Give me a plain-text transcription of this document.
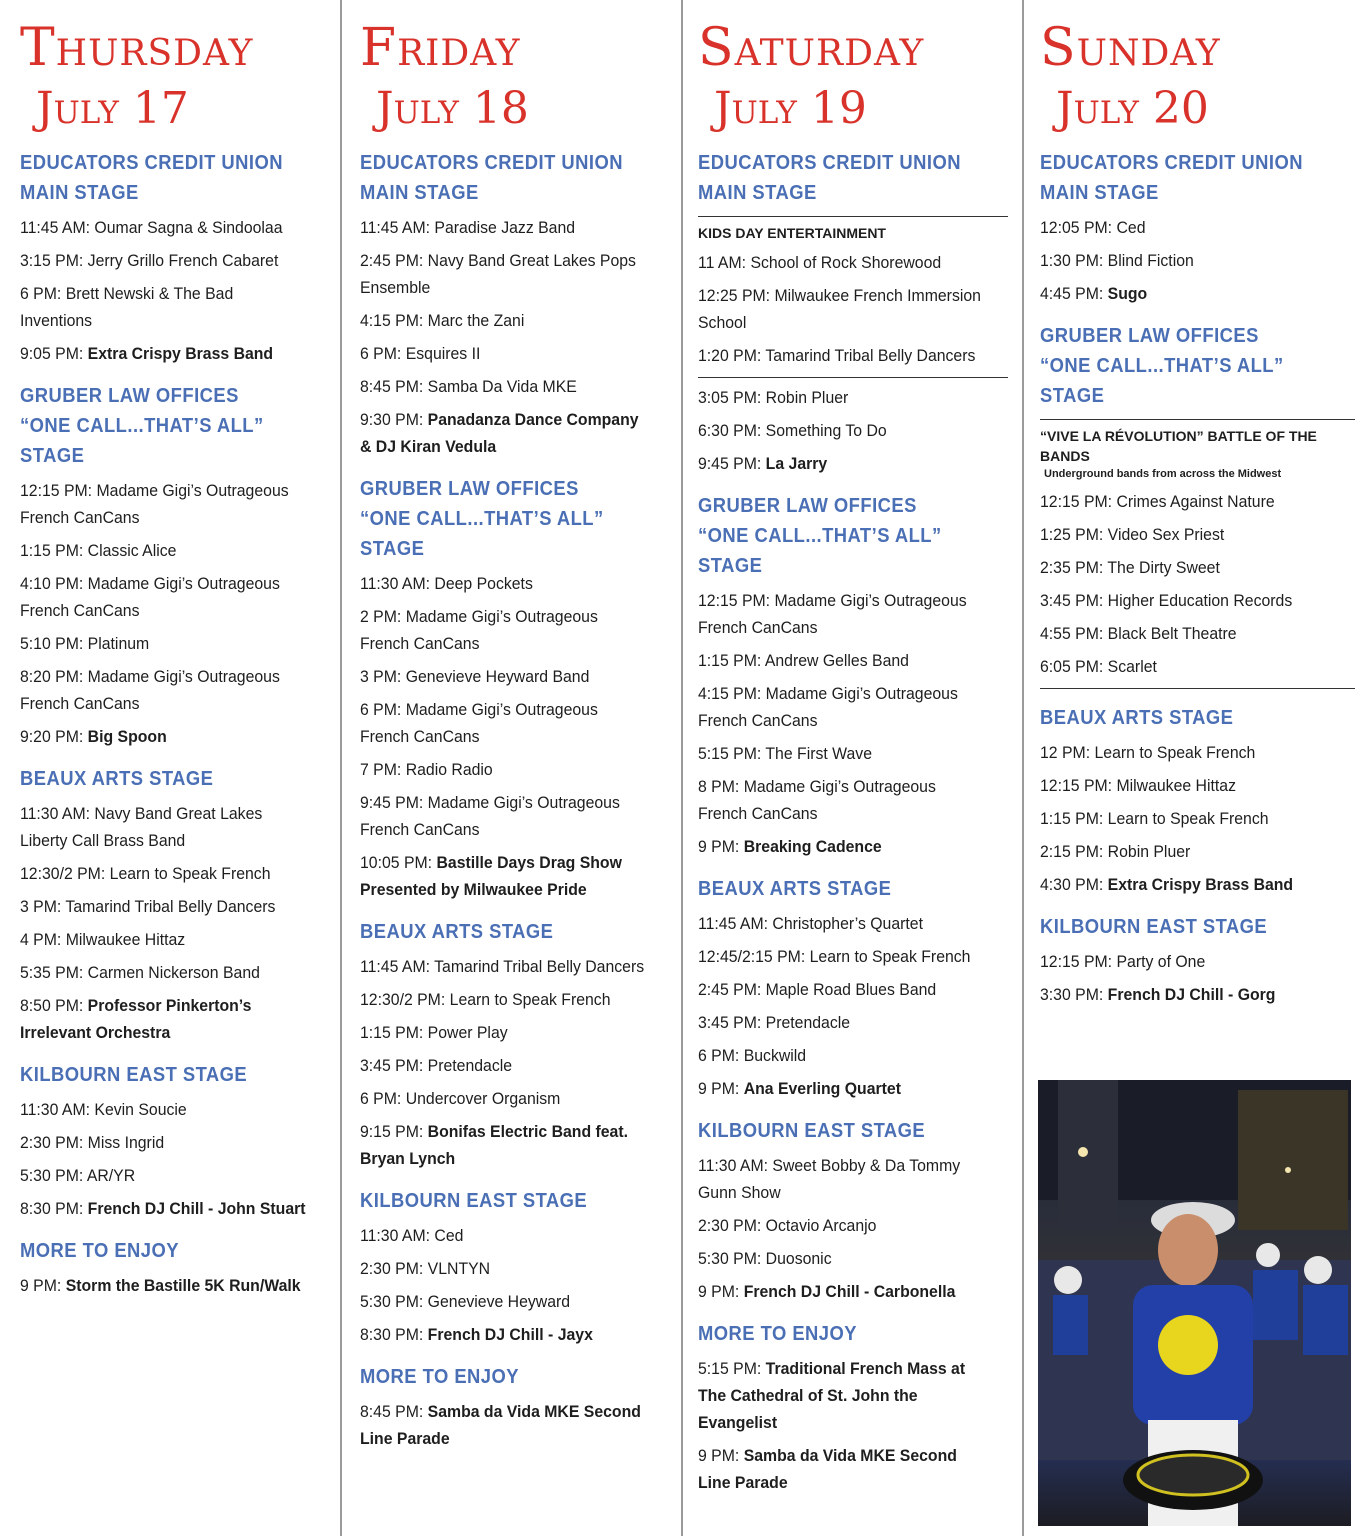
Thursday
July 17
EDUCATORS CREDIT UNION
MAIN STAGE
11:45 AM: Oumar Sagna & Sindoolaa
3:15 PM: Jerry Grillo French Cabaret
6 PM: Brett Newski & The Bad Inventions
9:05 PM: Extra Crispy Brass Band
GRUBER LAW OFFICES
“ONE CALL...THAT’S ALL” STAGE
12:15 PM: Madame Gigi’s Outrageous French CanCans
1:15 PM: Classic Alice
4:10 PM: Madame Gigi’s Outrageous French CanCans
5:10 PM: Platinum
8:20 PM: Madame Gigi’s Outrageous French CanCans
9:20 PM: Big Spoon
BEAUX ARTS STAGE
11:30 AM: Navy Band Great Lakes Liberty Call Brass Band
12:30/2 PM: Learn to Speak French
3 PM: Tamarind Tribal Belly Dancers
4 PM: Milwaukee Hittaz
5:35 PM: Carmen Nickerson Band
8:50 PM: Professor Pinkerton’s Irrelevant Orchestra
KILBOURN EAST STAGE
11:30 AM: Kevin Soucie
2:30 PM: Miss Ingrid
5:30 PM: AR/YR
8:30 PM: French DJ Chill - John Stuart
MORE TO ENJOY
9 PM: Storm the Bastille 5K Run/Walk
Friday
July 18
EDUCATORS CREDIT UNION
MAIN STAGE
11:45 AM: Paradise Jazz Band
2:45 PM: Navy Band Great Lakes Pops Ensemble
4:15 PM: Marc the Zani
6 PM: Esquires II
8:45 PM: Samba Da Vida MKE
9:30 PM: Panadanza Dance Company & DJ Kiran Vedula
GRUBER LAW OFFICES
“ONE CALL...THAT’S ALL” STAGE
11:30 AM: Deep Pockets
2 PM: Madame Gigi’s Outrageous French CanCans
3 PM: Genevieve Heyward Band
6 PM: Madame Gigi’s Outrageous French CanCans
7 PM: Radio Radio
9:45 PM: Madame Gigi’s Outrageous French CanCans
10:05 PM: Bastille Days Drag Show Presented by Milwaukee Pride
BEAUX ARTS STAGE
11:45 AM: Tamarind Tribal Belly Dancers
12:30/2 PM: Learn to Speak French
1:15 PM: Power Play
3:45 PM: Pretendacle
6 PM: Undercover Organism
9:15 PM: Bonifas Electric Band feat. Bryan Lynch
KILBOURN EAST STAGE
11:30 AM: Ced
2:30 PM: VLNTYN
5:30 PM: Genevieve Heyward
8:30 PM: French DJ Chill - Jayx
MORE TO ENJOY
8:45 PM: Samba da Vida MKE Second Line Parade
Saturday
July 19
EDUCATORS CREDIT UNION
MAIN STAGE
KIDS DAY ENTERTAINMENT
11 AM: School of Rock Shorewood
12:25 PM: Milwaukee French Immersion School
1:20 PM: Tamarind Tribal Belly Dancers
3:05 PM: Robin Pluer
6:30 PM: Something To Do
9:45 PM: La Jarry
GRUBER LAW OFFICES
“ONE CALL...THAT’S ALL” STAGE
12:15 PM: Madame Gigi’s Outrageous French CanCans
1:15 PM: Andrew Gelles Band
4:15 PM: Madame Gigi’s Outrageous French CanCans
5:15 PM: The First Wave
8 PM: Madame Gigi’s Outrageous French CanCans
9 PM: Breaking Cadence
BEAUX ARTS STAGE
11:45 AM: Christopher’s Quartet
12:45/2:15 PM: Learn to Speak French
2:45 PM: Maple Road Blues Band
3:45 PM: Pretendacle
6 PM: Buckwild
9 PM: Ana Everling Quartet
KILBOURN EAST STAGE
11:30 AM: Sweet Bobby & Da Tommy Gunn Show
2:30 PM: Octavio Arcanjo
5:30 PM: Duosonic
9 PM: French DJ Chill - Carbonella
MORE TO ENJOY
5:15 PM: Traditional French Mass at The Cathedral of St. John the Evangelist
9 PM: Samba da Vida MKE Second Line Parade
Sunday
July 20
EDUCATORS CREDIT UNION
MAIN STAGE
12:05 PM: Ced
1:30 PM: Blind Fiction
4:45 PM: Sugo
GRUBER LAW OFFICES
“ONE CALL...THAT’S ALL” STAGE
“VIVE LA RÉVOLUTION” BATTLE OF THE BANDS
Underground bands from across the Midwest
12:15 PM: Crimes Against Nature
1:25 PM: Video Sex Priest
2:35 PM: The Dirty Sweet
3:45 PM: Higher Education Records
4:55 PM: Black Belt Theatre
6:05 PM: Scarlet
BEAUX ARTS STAGE
12 PM: Learn to Speak French
12:15 PM: Milwaukee Hittaz
1:15 PM: Learn to Speak French
2:15 PM: Robin Pluer
4:30 PM: Extra Crispy Brass Band
KILBOURN EAST STAGE
12:15 PM: Party of One
3:30 PM: French DJ Chill - Gorg
